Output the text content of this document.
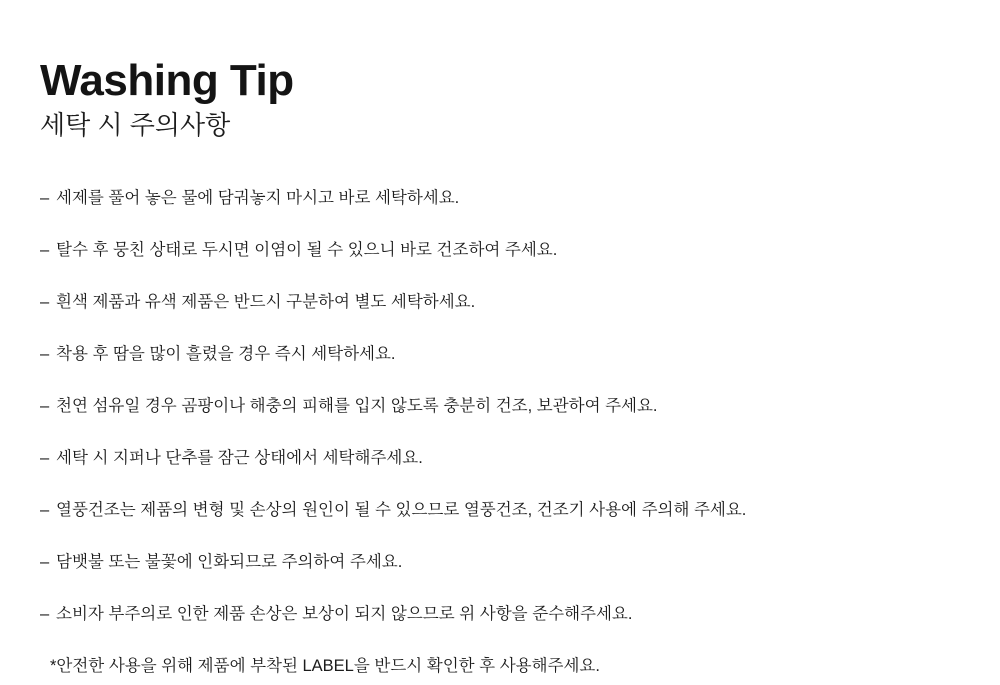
Washing Tip
세탁 시 주의사항
– 세제를 풀어 놓은 물에 담궈놓지 마시고 바로 세탁하세요.
– 탈수 후 뭉친 상태로 두시면 이염이 될 수 있으니 바로 건조하여 주세요.
– 흰색 제품과 유색 제품은 반드시 구분하여 별도 세탁하세요.
– 착용 후 땀을 많이 흘렸을 경우 즉시 세탁하세요.
– 천연 섬유일 경우 곰팡이나 해충의 피해를 입지 않도록 충분히 건조, 보관하여 주세요.
– 세탁 시 지퍼나 단추를 잠근 상태에서 세탁해주세요.
– 열풍건조는 제품의 변형 및 손상의 원인이 될 수 있으므로 열풍건조, 건조기 사용에 주의해 주세요.
– 담뱃불 또는 불꽃에 인화되므로 주의하여 주세요.
– 소비자 부주의로 인한 제품 손상은 보상이 되지 않으므로 위 사항을 준수해주세요.

*안전한 사용을 위해 제품에 부착된 LABEL을 반드시 확인한 후 사용해주세요.
